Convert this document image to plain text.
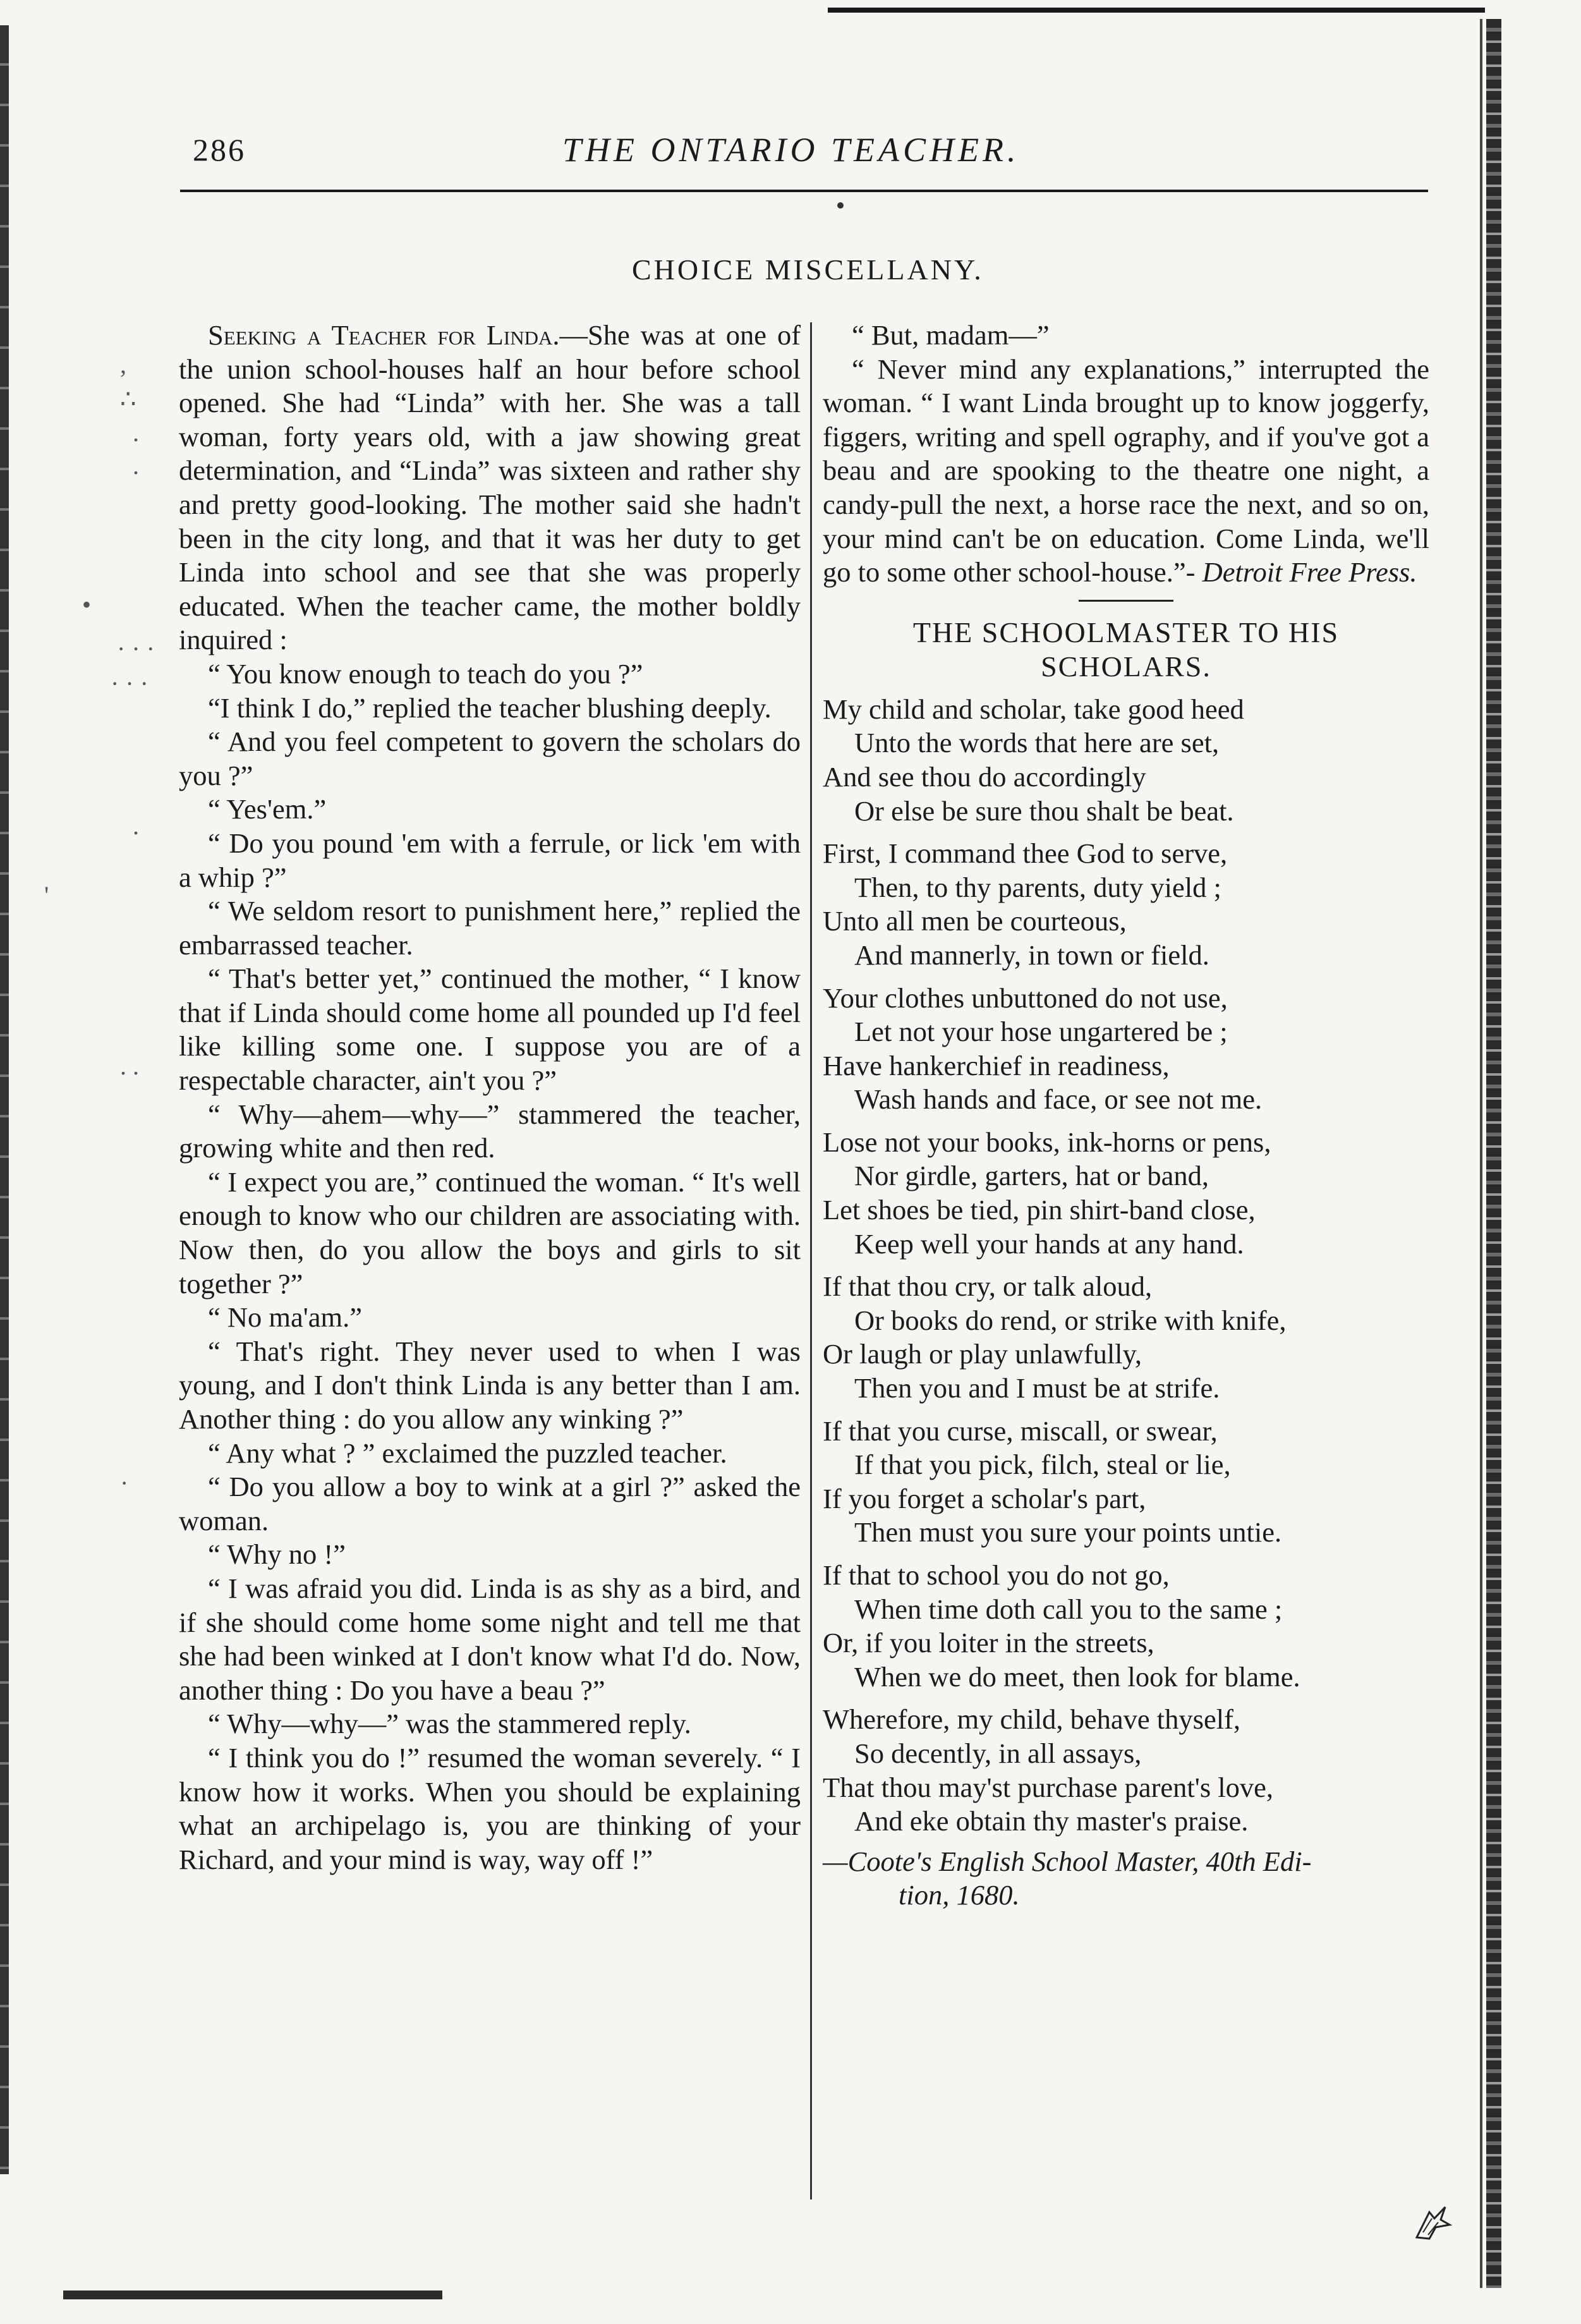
286	THE ONTARIO TEACHER.
CHOICE MISCELLANY.

Seeking a Teacher for Linda.—She was at one of the union school-houses half an hour before school opened. She had “Linda” with her. She was a tall woman, forty years old, with a jaw showing great determination, and “Linda” was sixteen and rather shy and pretty good-looking. The mother said she hadn't been in the city long, and that it was her duty to get Linda into school and see that she was properly educated. When the teacher came, the mother boldly inquired :

“ You know enough to teach do you ?”

“I think I do,” replied the teacher blushing deeply.

“ And you feel competent to govern the scholars do you ?”

“ Yes'em.”

“ Do you pound 'em with a ferrule, or lick 'em with a whip ?”

“ We seldom resort to punishment here,” replied the embarrassed teacher.

“ That's better yet,” continued the mother, “ I know that if Linda should come home all pounded up I'd feel like killing some one. I suppose you are of a respectable character, ain't you ?”

“ Why—ahem—why—” stammered the teacher, growing white and then red.

“ I expect you are,” continued the woman. “ It's well enough to know who our children are associating with. Now then, do you allow the boys and girls to sit together ?”

“ No ma'am.”

“ That's right. They never used to when I was young, and I don't think Linda is any better than I am. Another thing : do you allow any winking ?”

“ Any what ? ” exclaimed the puzzled teacher.

“ Do you allow a boy to wink at a girl ?” asked the woman.

“ Why no !”

“ I was afraid you did. Linda is as shy as a bird, and if she should come home some night and tell me that she had been winked at I don't know what I'd do. Now, another thing : Do you have a beau ?”

“ Why—why—” was the stammered reply.

“ I think you do !” resumed the woman severely. “ I know how it works. When you should be explaining what an archipelago is, you are thinking of your Richard, and your mind is way, way off !”

,
∴
.
.
•
· · ·
· · ·
.
'
. .
·

“ But, madam—”

“ Never mind any explanations,” interrupted the woman. “ I want Linda brought up to know joggerfy, figgers, writing and spell ography, and if you've got a beau and are spooking to the theatre one night, a candy-pull the next, a horse race the next, and so on, your mind can't be on education. Come Linda, we'll go to some other school-house.”- Detroit Free Press.

THE SCHOOLMASTER TO HIS
SCHOLARS.

My child and scholar, take good heed

Unto the words that here are set,

And see thou do accordingly

Or else be sure thou shalt be beat.

First, I command thee God to serve,

Then, to thy parents, duty yield ;

Unto all men be courteous,

And mannerly, in town or field.

Your clothes unbuttoned do not use,

Let not your hose ungartered be ;

Have hankerchief in readiness,

Wash hands and face, or see not me.

Lose not your books, ink-horns or pens,

Nor girdle, garters, hat or band,

Let shoes be tied, pin shirt-band close,

Keep well your hands at any hand.

If that thou cry, or talk aloud,

Or books do rend, or strike with knife,

Or laugh or play unlawfully,

Then you and I must be at strife.

If that you curse, miscall, or swear,

If that you pick, filch, steal or lie,

If you forget a scholar's part,

Then must you sure your points untie.

If that to school you do not go,

When time doth call you to the same ;

Or, if you loiter in the streets,

When we do meet, then look for blame.

Wherefore, my child, behave thyself,

So decently, in all assays,

That thou may'st purchase parent's love,

And eke obtain thy master's praise.

—Coote's English School Master, 40th Edi-
tion, 1680.
